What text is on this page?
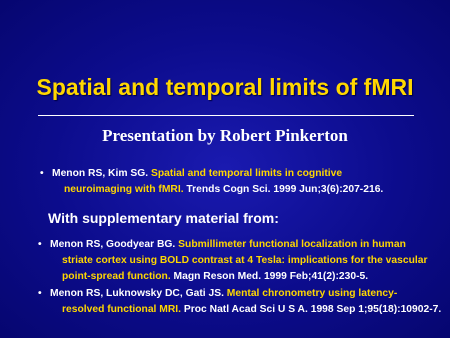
Spatial and temporal limits of fMRI
Presentation by Robert Pinkerton
• Menon RS, Kim SG. Spatial and temporal limits in cognitive
neuroimaging with fMRI. Trends Cogn Sci. 1999 Jun;3(6):207-216.
With supplementary material from:
• Menon RS, Goodyear BG. Submillimeter functional localization in human
striate cortex using BOLD contrast at 4 Tesla: implications for the vascular
point-spread function. Magn Reson Med. 1999 Feb;41(2):230-5.
• Menon RS, Luknowsky DC, Gati JS. Mental chronometry using latency-
resolved functional MRI. Proc Natl Acad Sci U S A. 1998 Sep 1;95(18):10902-7.
